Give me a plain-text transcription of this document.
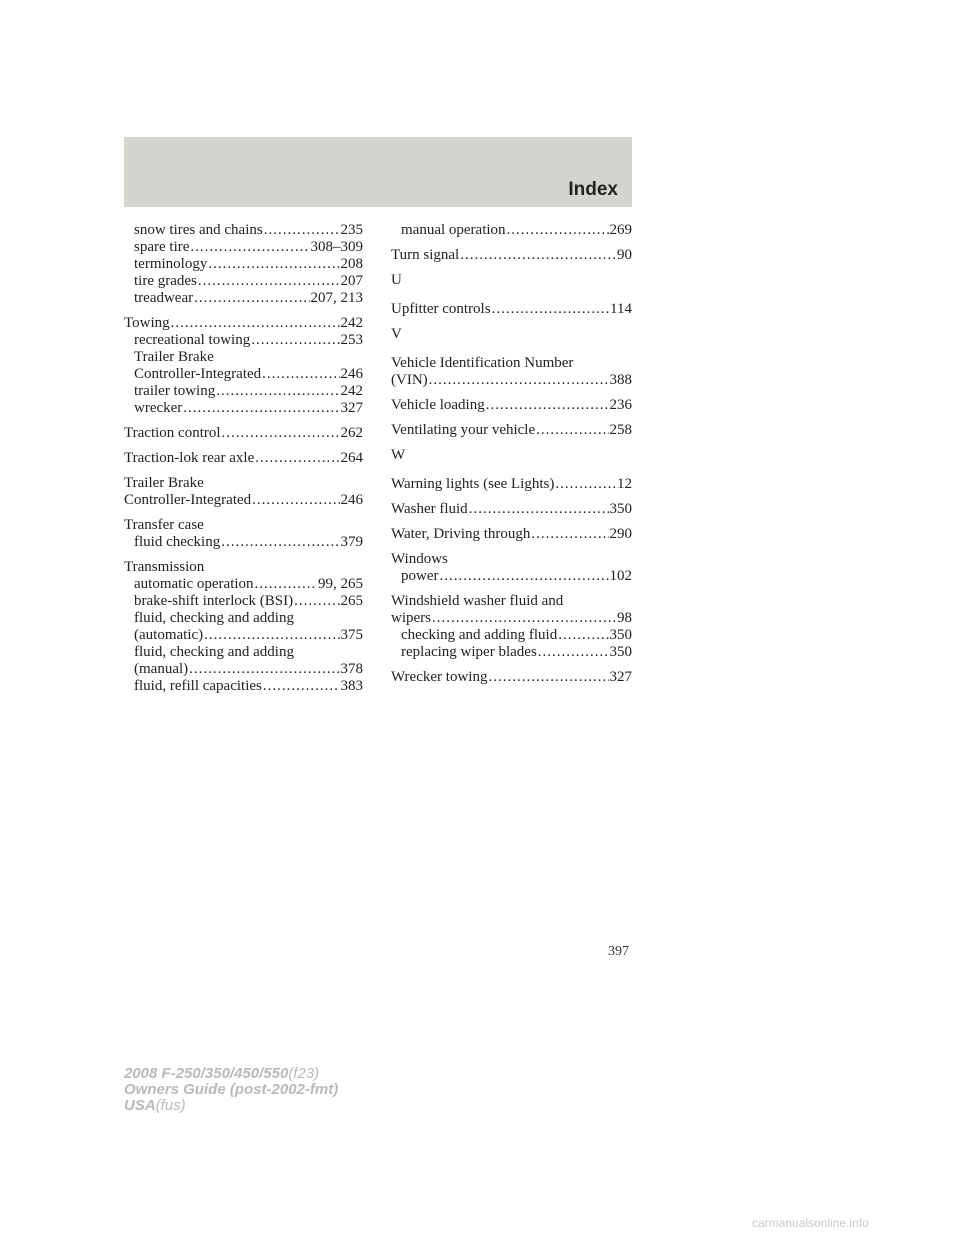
Index
snow tires and chains .....	235
spare tire .....	308–309
terminology .....	208
tire grades .....	207
treadwear .....	207, 213
Towing .....	242
recreational towing .....	253
Trailer Brake
Controller-Integrated .....	246
trailer towing .....	242
wrecker .....	327
Traction control .....	262
Traction-lok rear axle .....	264
Trailer Brake
Controller-Integrated .....	246
Transfer case
fluid checking .....	379
Transmission
automatic operation .....	99, 265
brake-shift interlock (BSI) .....	265
fluid, checking and adding
(automatic) .....	375
fluid, checking and adding
(manual) .....	378
fluid, refill capacities .....	383
manual operation .....	269
Turn signal .....	90
U
Upfitter controls .....	114
V
Vehicle Identification Number
(VIN) .....	388
Vehicle loading .....	236
Ventilating your vehicle .....	258
W
Warning lights (see Lights) .....	12
Washer fluid .....	350
Water, Driving through .....	290
Windows
power .....	102
Windshield washer fluid and
wipers .....	98
checking and adding fluid .....	350
replacing wiper blades .....	350
Wrecker towing .....	327
397
2008 F-250/350/450/550(f23)
Owners Guide (post-2002-fmt)
USA(fus)
carmanualsonline.info
